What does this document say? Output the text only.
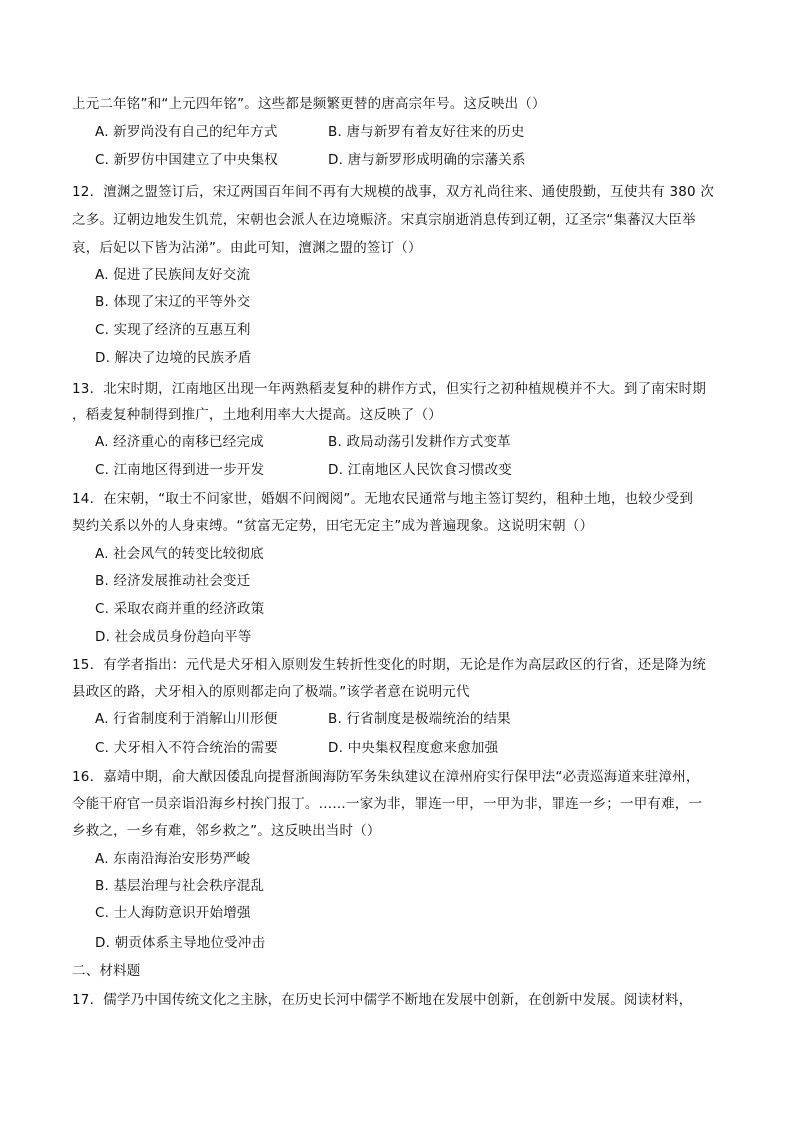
上元二年铭”和“上元四年铭”。这些都是频繁更替的唐高宗年号。这反映出（）
A. 新罗尚没有自己的纪年方式	B. 唐与新罗有着友好往来的历史
C. 新罗仿中国建立了中央集权	D. 唐与新罗形成明确的宗藩关系
12．澶渊之盟签订后，宋辽两国百年间不再有大规模的战事，双方礼尚往来、通使殷勤，互使共有 380 次
之多。辽朝边地发生饥荒，宋朝也会派人在边境赈济。宋真宗崩逝消息传到辽朝，辽圣宗“集蕃汉大臣举
哀，后妃以下皆为沾涕”。由此可知，澶渊之盟的签订（）
A. 促进了民族间友好交流
B. 体现了宋辽的平等外交
C. 实现了经济的互惠互利
D. 解决了边境的民族矛盾
13．北宋时期，江南地区出现一年两熟稻麦复种的耕作方式，但实行之初种植规模并不大。到了南宋时期
，稻麦复种制得到推广，土地利用率大大提高。这反映了（）
A. 经济重心的南移已经完成	B. 政局动荡引发耕作方式变革
C. 江南地区得到进一步开发	D. 江南地区人民饮食习惯改变
14．在宋朝，“取士不问家世，婚姻不问阀阅”。无地农民通常与地主签订契约，租种土地，也较少受到
契约关系以外的人身束缚。“贫富无定势，田宅无定主”成为普遍现象。这说明宋朝（）
A. 社会风气的转变比较彻底
B. 经济发展推动社会变迁
C. 采取农商并重的经济政策
D. 社会成员身份趋向平等
15．有学者指出：元代是犬牙相入原则发生转折性变化的时期，无论是作为高层政区的行省，还是降为统
县政区的路，犬牙相入的原则都走向了极端。”该学者意在说明元代
A. 行省制度利于消解山川形便	B. 行省制度是极端统治的结果
C. 犬牙相入不符合统治的需要	D. 中央集权程度愈来愈加强
16．嘉靖中期，俞大猷因倭乱向提督浙闽海防军务朱纨建议在漳州府实行保甲法“必责巡海道来驻漳州，
令能干府官一员亲诣沿海乡村挨门报丁。……一家为非，罪连一甲，一甲为非，罪连一乡；一甲有难，一
乡救之，一乡有难，邻乡救之”。这反映出当时（）
A. 东南沿海治安形势严峻
B. 基层治理与社会秩序混乱
C. 士人海防意识开始增强
D. 朝贡体系主导地位受冲击
二、材料题
17．儒学乃中国传统文化之主脉，在历史长河中儒学不断地在发展中创新，在创新中发展。阅读材料，
